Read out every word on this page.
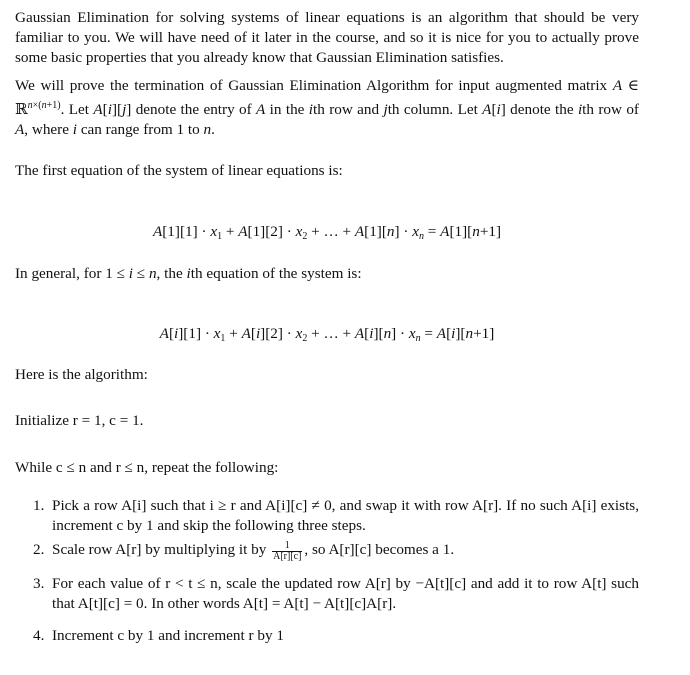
Gaussian Elimination for solving systems of linear equations is an algorithm that should be very familiar to you. We will have need of it later in the course, and so it is nice for you to actually prove some basic properties that you already know that Gaussian Elimination satisfies.

We will prove the termination of Gaussian Elimination Algorithm for input augmented matrix A ∈ ℝ$^{n\times(n+1)}$. Let A[i][j] denote the entry of A in the ith row and jth column. Let A[i] denote the ith row of A, where i can range from 1 to n.

The first equation of the system of linear equations is:

$A[1][1] \cdot x_1 + A[1][2] \cdot x_2$ + … + $A[1][n] \cdot x_n = A[1][n+1]$

In general, for 1 ≤ i ≤ n, the ith equation of the system is:

$A[i][1] \cdot x_1 + A[i][2] \cdot x_2$ + … + $A[i][n] \cdot x_n = A[i][n+1]$

Here is the algorithm:

Initialize r = 1, c = 1.

While c ≤ n and r ≤ n, repeat the following:

1. Pick a row A[i] such that i ≥ r and A[i][c] ≠ 0, and swap it with row A[r]. If no such A[i] exists, increment c by 1 and skip the following three steps.
2. Scale row A[r] by multiplying it by $\frac{1}{A[r][c]}$ , so A[r][c] becomes a 1.
3. For each value of r < t ≤ n, scale the updated row A[r] by −A[t][c] and add it to row A[t] such that A[t][c] = 0. In other words A[t] = A[t] − A[t][c]A[r].
4. Increment c by 1 and increment r by 1
